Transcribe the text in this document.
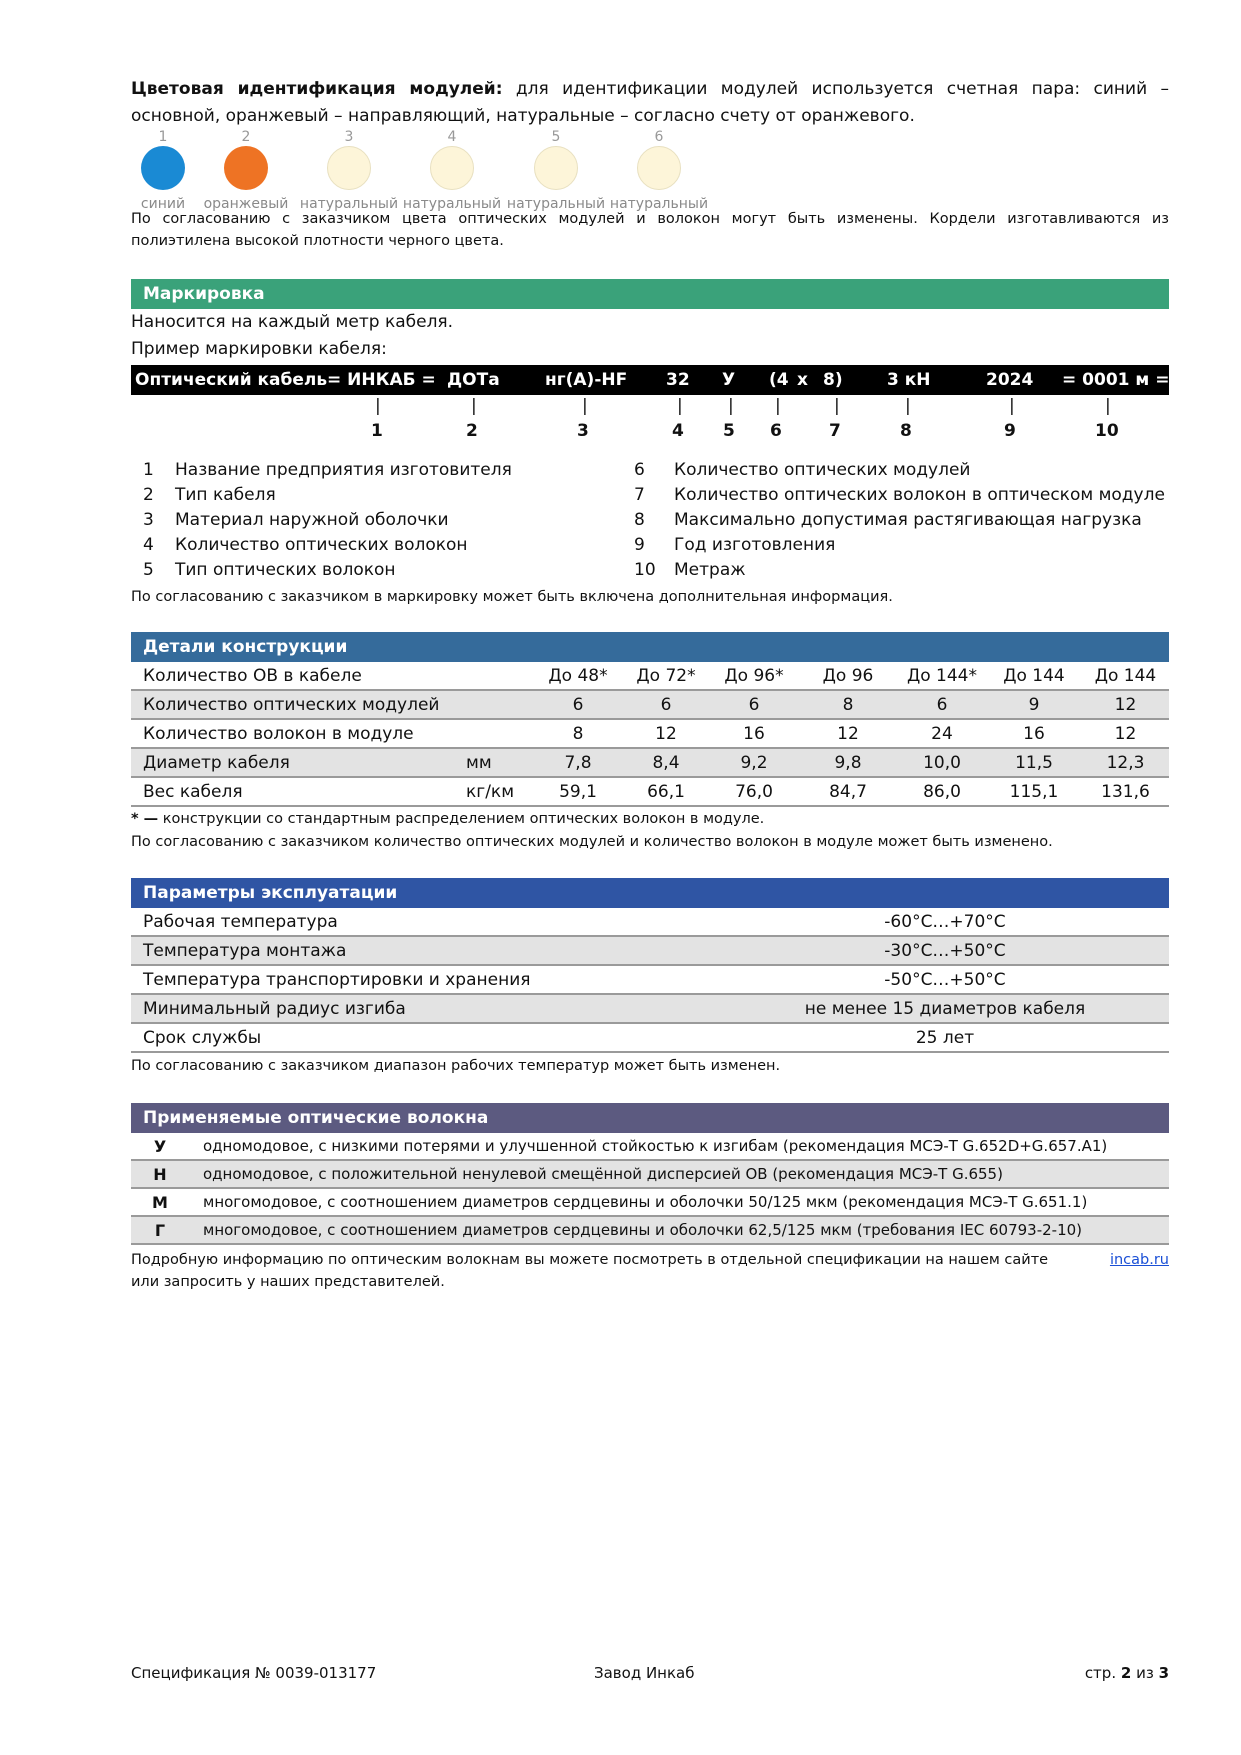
Цветовая идентификация модулей: для идентификации модулей используется счетная пара: синий – основной, оранжевый – направляющий, натуральные – согласно счету от оранжевого.
1
синий
2
оранжевый
3
натуральный
4
натуральный
5
натуральный
6
натуральный
По согласованию с заказчиком цвета оптических модулей и волокон могут быть изменены. Кордели изготавливаются из полиэтилена высокой плотности черного цвета.
Маркировка
Наносится на каждый метр кабеля.
Пример маркировки кабеля:
Оптический кабель = ИНКАБ = ДОТа	нг(А)-HF 32 У (4 х 8)	3 кН	2024 = 0001 м =
|	|	|	|	| |	|	|	|	|
1	2	3	4 5 6	7	8	9	10
1 Название предприятия изготовителя
2 Тип кабеля
3 Материал наружной оболочки
4 Количество оптических волокон
5 Тип оптических волокон
6 Количество оптических модулей
7 Количество оптических волокон в оптическом модуле
8 Максимально допустимая растягивающая нагрузка
9 Год изготовления
10 Метраж
По согласованию с заказчиком в маркировку может быть включена дополнительная информация.
Детали конструкции
Количество ОВ в кабеле		До 48*	До 72*	До 96*	До 96	До 144*	До 144	До 144
Количество оптических модулей		6	6	6	8	6	9	12
Количество волокон в модуле		8	12	16	12	24	16	12
Диаметр кабеля	мм	7,8	8,4	9,2	9,8	10,0	11,5	12,3
Вес кабеля	кг/км	59,1	66,1	76,0	84,7	86,0	115,1	131,6
* — конструкции со стандартным распределением оптических волокон в модуле.
По согласованию с заказчиком количество оптических модулей и количество волокон в модуле может быть изменено.
Параметры эксплуатации
Рабочая температура	-60°С…+70°С
Температура монтажа	-30°С…+50°С
Температура транспортировки и хранения	-50°С…+50°С
Минимальный радиус изгиба	не менее 15 диаметров кабеля
Срок службы	25 лет
По согласованию с заказчиком диапазон рабочих температур может быть изменен.
Применяемые оптические волокна
У	одномодовое, с низкими потерями и улучшенной стойкостью к изгибам (рекомендация МСЭ-Т G.652D+G.657.A1)
Н	одномодовое, с положительной ненулевой смещённой дисперсией ОВ (рекомендация МСЭ-Т G.655)
М	многомодовое, с соотношением диаметров сердцевины и оболочки 50/125 мкм (рекомендация МСЭ-Т G.651.1)
Г	многомодовое, с соотношением диаметров сердцевины и оболочки 62,5/125 мкм (требования IEC 60793-2-10)
Подробную информацию по оптическим волокнам вы можете посмотреть в отдельной спецификации на нашем сайте	incab.ru
или запросить у наших представителей.
Спецификация № 0039-013177	Завод Инкаб	стр. 2 из 3
